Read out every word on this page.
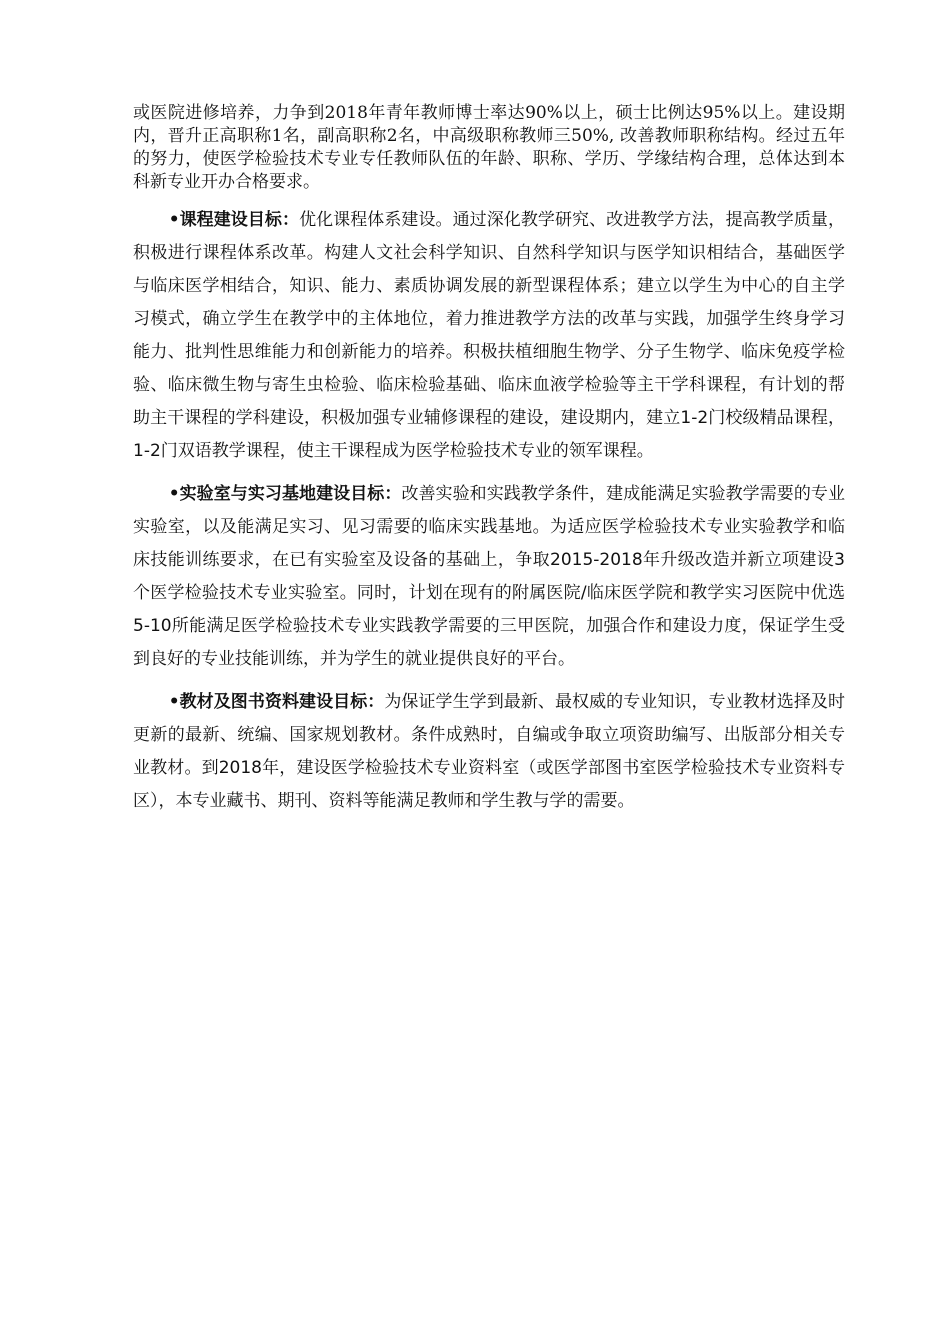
或医院进修培养，力争到2018年青年教师博士率达90%以上，硕士比例达95%以上。建设期内，晋升正高职称1名，副高职称2名，中高级职称教师三50%, 改善教师职称结构。经过五年的努力，使医学检验技术专业专任教师队伍的年龄、职称、学历、学缘结构合理，总体达到本科新专业开办合格要求。

•课程建设目标：优化课程体系建设。通过深化教学研究、改进教学方法，提高教学质量，积极进行课程体系改革。构建人文社会科学知识、自然科学知识与医学知识相结合，基础医学与临床医学相结合，知识、能力、素质协调发展的新型课程体系；建立以学生为中心的自主学习模式，确立学生在教学中的主体地位，着力推进教学方法的改革与实践，加强学生终身学习能力、批判性思维能力和创新能力的培养。积极扶植细胞生物学、分子生物学、临床免疫学检验、临床微生物与寄生虫检验、临床检验基础、临床血液学检验等主干学科课程，有计划的帮助主干课程的学科建设，积极加强专业辅修课程的建设，建设期内，建立1-2门校级精品课程，1-2门双语教学课程，使主干课程成为医学检验技术专业的领军课程。

•实验室与实习基地建设目标：改善实验和实践教学条件，建成能满足实验教学需要的专业实验室，以及能满足实习、见习需要的临床实践基地。为适应医学检验技术专业实验教学和临床技能训练要求，在已有实验室及设备的基础上，争取2015-2018年升级改造并新立项建设3个医学检验技术专业实验室。同时，计划在现有的附属医院/临床医学院和教学实习医院中优选5-10所能满足医学检验技术专业实践教学需要的三甲医院，加强合作和建设力度，保证学生受到良好的专业技能训练，并为学生的就业提供良好的平台。

•教材及图书资料建设目标：为保证学生学到最新、最权威的专业知识，专业教材选择及时更新的最新、统编、国家规划教材。条件成熟时，自编或争取立项资助编写、出版部分相关专业教材。到2018年，建设医学检验技术专业资料室（或医学部图书室医学检验技术专业资料专区），本专业藏书、期刊、资料等能满足教师和学生教与学的需要。
